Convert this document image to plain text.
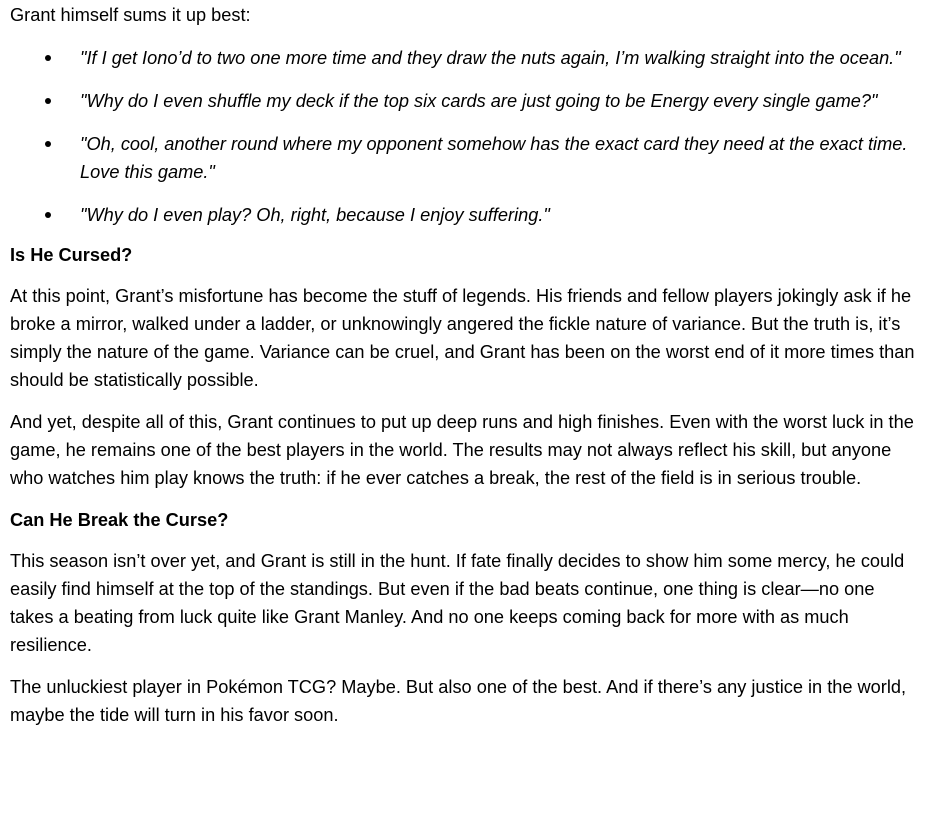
Grant himself sums it up best:

"If I get Iono’d to two one more time and they draw the nuts again, I’m walking straight into the ocean."
"Why do I even shuffle my deck if the top six cards are just going to be Energy every single game?"
"Oh, cool, another round where my opponent somehow has the exact card they need at the exact time. Love this game."
"Why do I even play? Oh, right, because I enjoy suffering."
Is He Cursed?

At this point, Grant’s misfortune has become the stuff of legends. His friends and fellow players jokingly ask if he broke a mirror, walked under a ladder, or unknowingly angered the fickle nature of variance. But the truth is, it’s simply the nature of the game. Variance can be cruel, and Grant has been on the worst end of it more times than should be statistically possible.

And yet, despite all of this, Grant continues to put up deep runs and high finishes. Even with the worst luck in the game, he remains one of the best players in the world. The results may not always reflect his skill, but anyone who watches him play knows the truth: if he ever catches a break, the rest of the field is in serious trouble.

Can He Break the Curse?

This season isn’t over yet, and Grant is still in the hunt. If fate finally decides to show him some mercy, he could easily find himself at the top of the standings. But even if the bad beats continue, one thing is clear—no one takes a beating from luck quite like Grant Manley. And no one keeps coming back for more with as much resilience.

The unluckiest player in Pokémon TCG? Maybe. But also one of the best. And if there’s any justice in the world, maybe the tide will turn in his favor soon.
